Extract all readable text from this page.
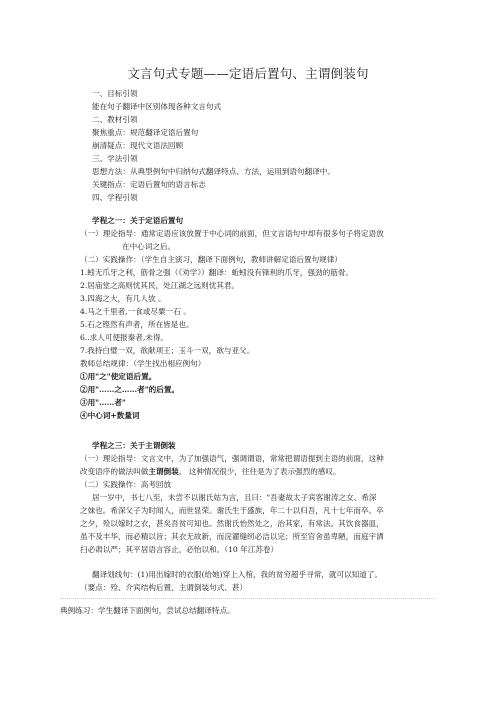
文言句式专题——定语后置句、主谓倒装句
一、目标引领
能在句子翻译中区别体现各种文言句式
二、教材引领
聚焦重点：规范翻译定语后置句
崩清疑点：现代文语法回顾
三、学法引领
思想方法：从典型例句中归纳句式翻译特点、方法，运用到语句翻译中。
关键指点：定语后置句的语言标志
四、学程引领
学程之一：关于定语后置句
（一）理论指导：通常定语应该放置于中心词的前面，但文言语句中却有很多句子将定语放
在中心词之后。
（二）实践操作：（学生自主演习，翻译下面例句，教师讲解定语后置句规律）
1.蚓无爪牙之利，筋骨之强（《劝学》）翻译：蚯蚓没有锋利的爪牙，强劲的筋骨。
2.居庙堂之高则忧其民，处江湖之远则忧其君。
3.四海之大，有几人欤 。
4.马之千里者,一食或尽粟一石 。
5.石之铿然有声者，所在皆是也。
6..求人可使报秦者,未得。
7.我持白璧一双，欲献项王；玉斗一双，欲与亚父。
教师总结规律：（学生找出相应例句）
①用"之"使定语后置。
②用"……之……者"的后置。
③用"……者"
④中心词+数量词
学程之三：关于主谓倒装
（一）理论指导：文言文中，为了加强语气，强调谓语，常常把谓语提到主语的前面，这种
改变语序的做法叫做主谓倒装。 这种情况很少，往往是为了表示强烈的感叹。
（二）实践操作：高考回放
居一岁中，书七八至，未尝不以谢氏姑为言，且曰："吾妻故太子宾客谢涛之女、希深
之妹也。希深父子为时闻人，而世显荣。谢氏生于盛族，年二十以归吾，凡十七年而卒。卒
之夕，殓以嫁时之衣，甚矣吾贫可知也。然谢氏怡然处之，治其家，有常法。其饮食器皿，
虽不及丰华，而必精以旨；其衣无故新，而浣濯缝纫必洁以完；所至官舍虽卑陋，而庭宇洒
扫必肃以严；其平居语言容止，必怡以和。（10 年江苏卷）
翻译划线句：(1)用出嫁时的衣服(给她)穿上入棺，我的贫穷超乎寻常，就可以知道了。
（要点：殓、介宾结构后置、主谓倒装句式、甚）
典例练习：学生翻译下面例句，尝试总结翻译特点。
